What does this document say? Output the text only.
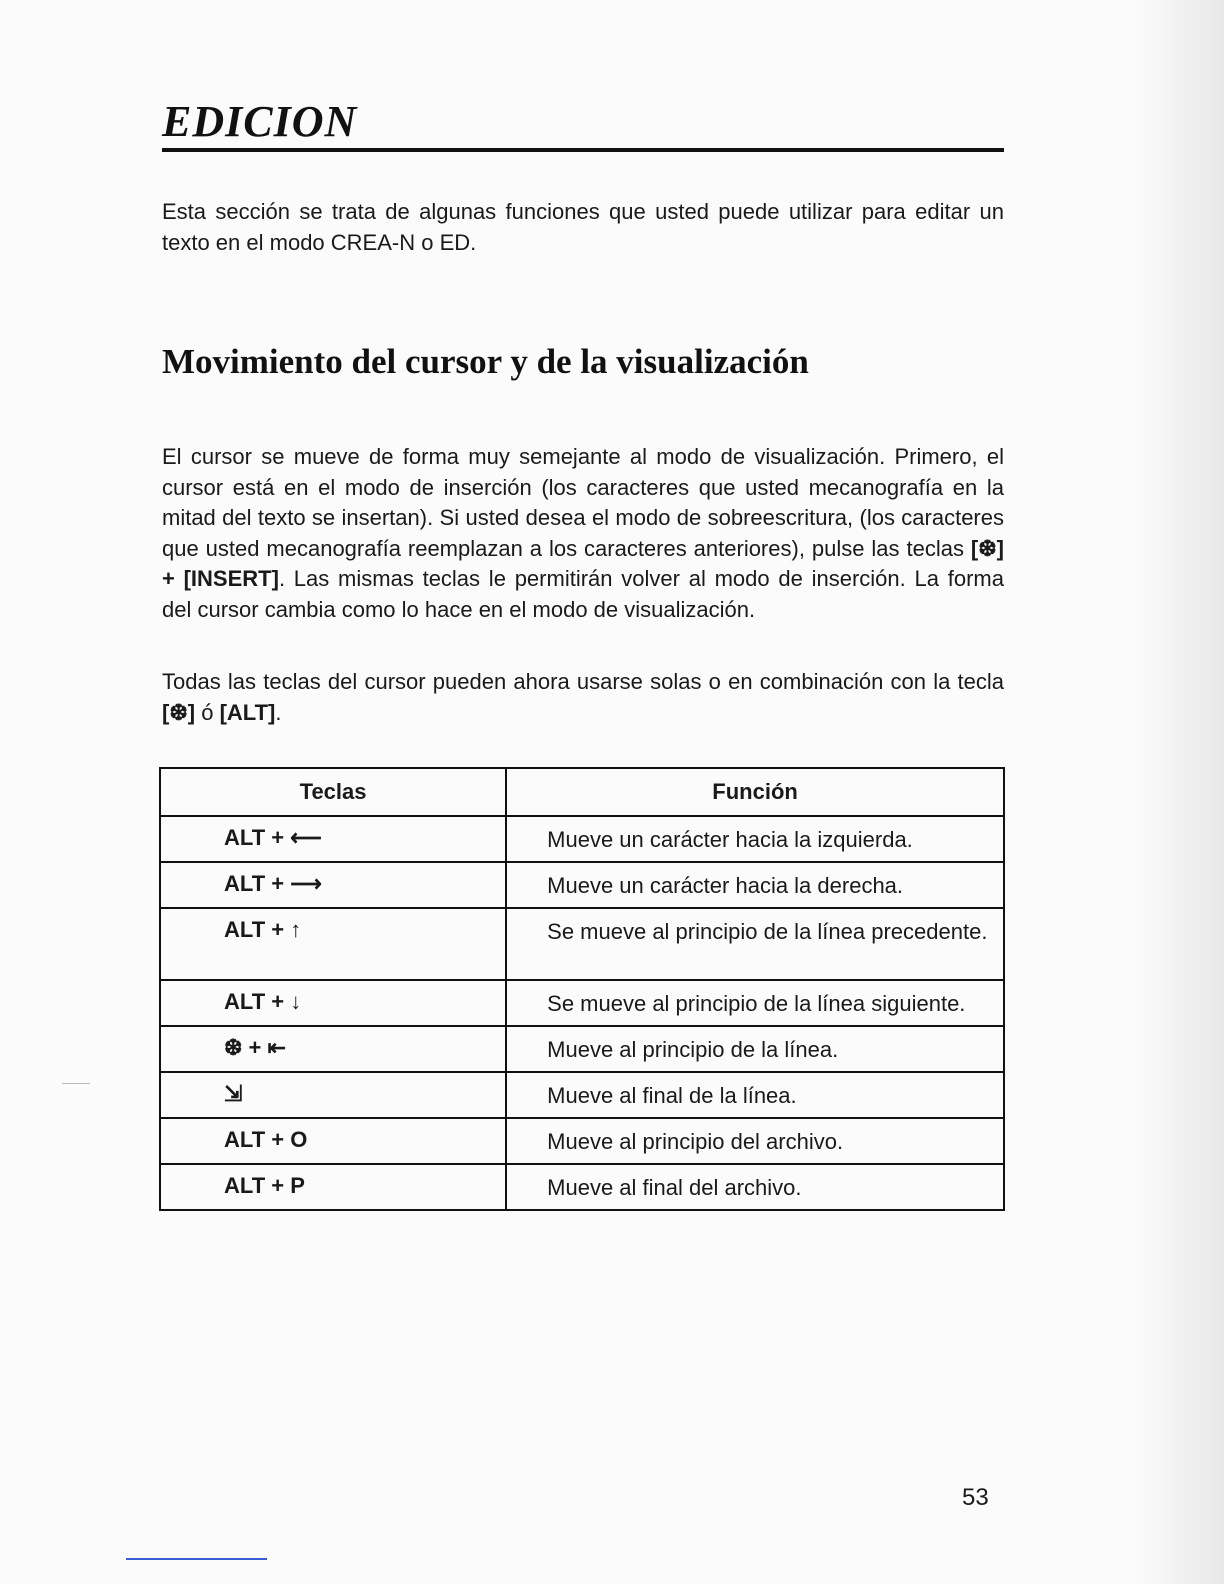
EDICION

Esta sección se trata de algunas funciones que usted puede utilizar para editar un texto en el modo CREA-N o ED.

Movimiento del cursor y de la visualización

El cursor se mueve de forma muy semejante al modo de visualización. Primero, el cursor está en el modo de inserción (los caracteres que usted mecanografía en la mitad del texto se insertan). Si usted desea el modo de sobreescritura, (los caracteres que usted mecanografía reemplazan a los caracteres anteriores), pulse las teclas [❆] + [INSERT]. Las mismas teclas le permitirán volver al modo de inserción. La forma del cursor cambia como lo hace en el modo de visualización.

Todas las teclas del cursor pueden ahora usarse solas o en combinación con la tecla [❆] ó [ALT].

Teclas	Función
ALT + ⟵	Mueve un carácter hacia la izquierda.
ALT + ⟶	Mueve un carácter hacia la derecha.
ALT + ↑	Se mueve al principio de la línea precedente.
ALT + ↓	Se mueve al principio de la línea siguiente.
❆ + ⇤	Mueve al principio de la línea.
⇲	Mueve al final de la línea.
ALT + O	Mueve al principio del archivo.
ALT + P	Mueve al final del archivo.
53
